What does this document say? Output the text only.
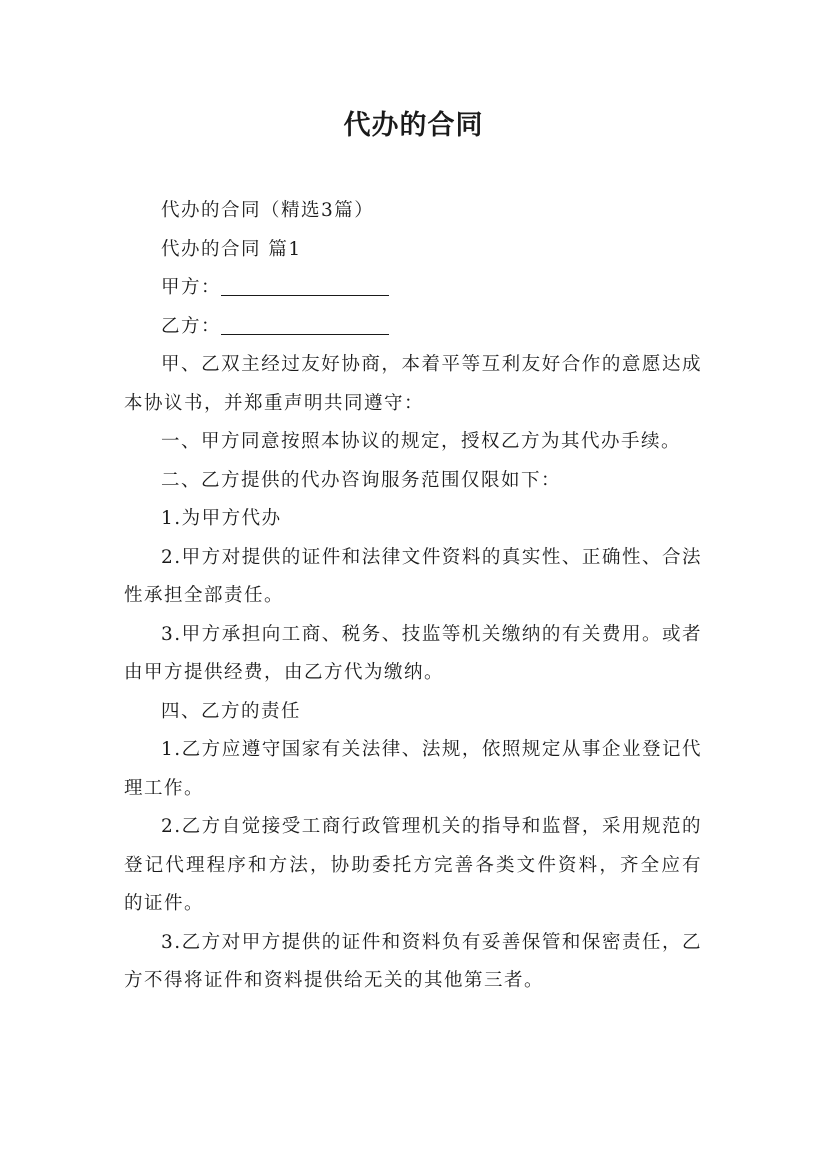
代办的合同

代办的合同（精选3篇）

代办的合同 篇1

甲方：

乙方：

甲、乙双主经过友好协商，本着平等互利友好合作的意愿达成本协议书，并郑重声明共同遵守：

一、甲方同意按照本协议的规定，授权乙方为其代办手续。

二、乙方提供的代办咨询服务范围仅限如下：

1.为甲方代办

2.甲方对提供的证件和法律文件资料的真实性、正确性、合法性承担全部责任。

3.甲方承担向工商、税务、技监等机关缴纳的有关费用。或者由甲方提供经费，由乙方代为缴纳。

四、乙方的责任

1.乙方应遵守国家有关法律、法规，依照规定从事企业登记代理工作。

2.乙方自觉接受工商行政管理机关的指导和监督，采用规范的登记代理程序和方法，协助委托方完善各类文件资料，齐全应有的证件。

3.乙方对甲方提供的证件和资料负有妥善保管和保密责任，乙方不得将证件和资料提供给无关的其他第三者。
